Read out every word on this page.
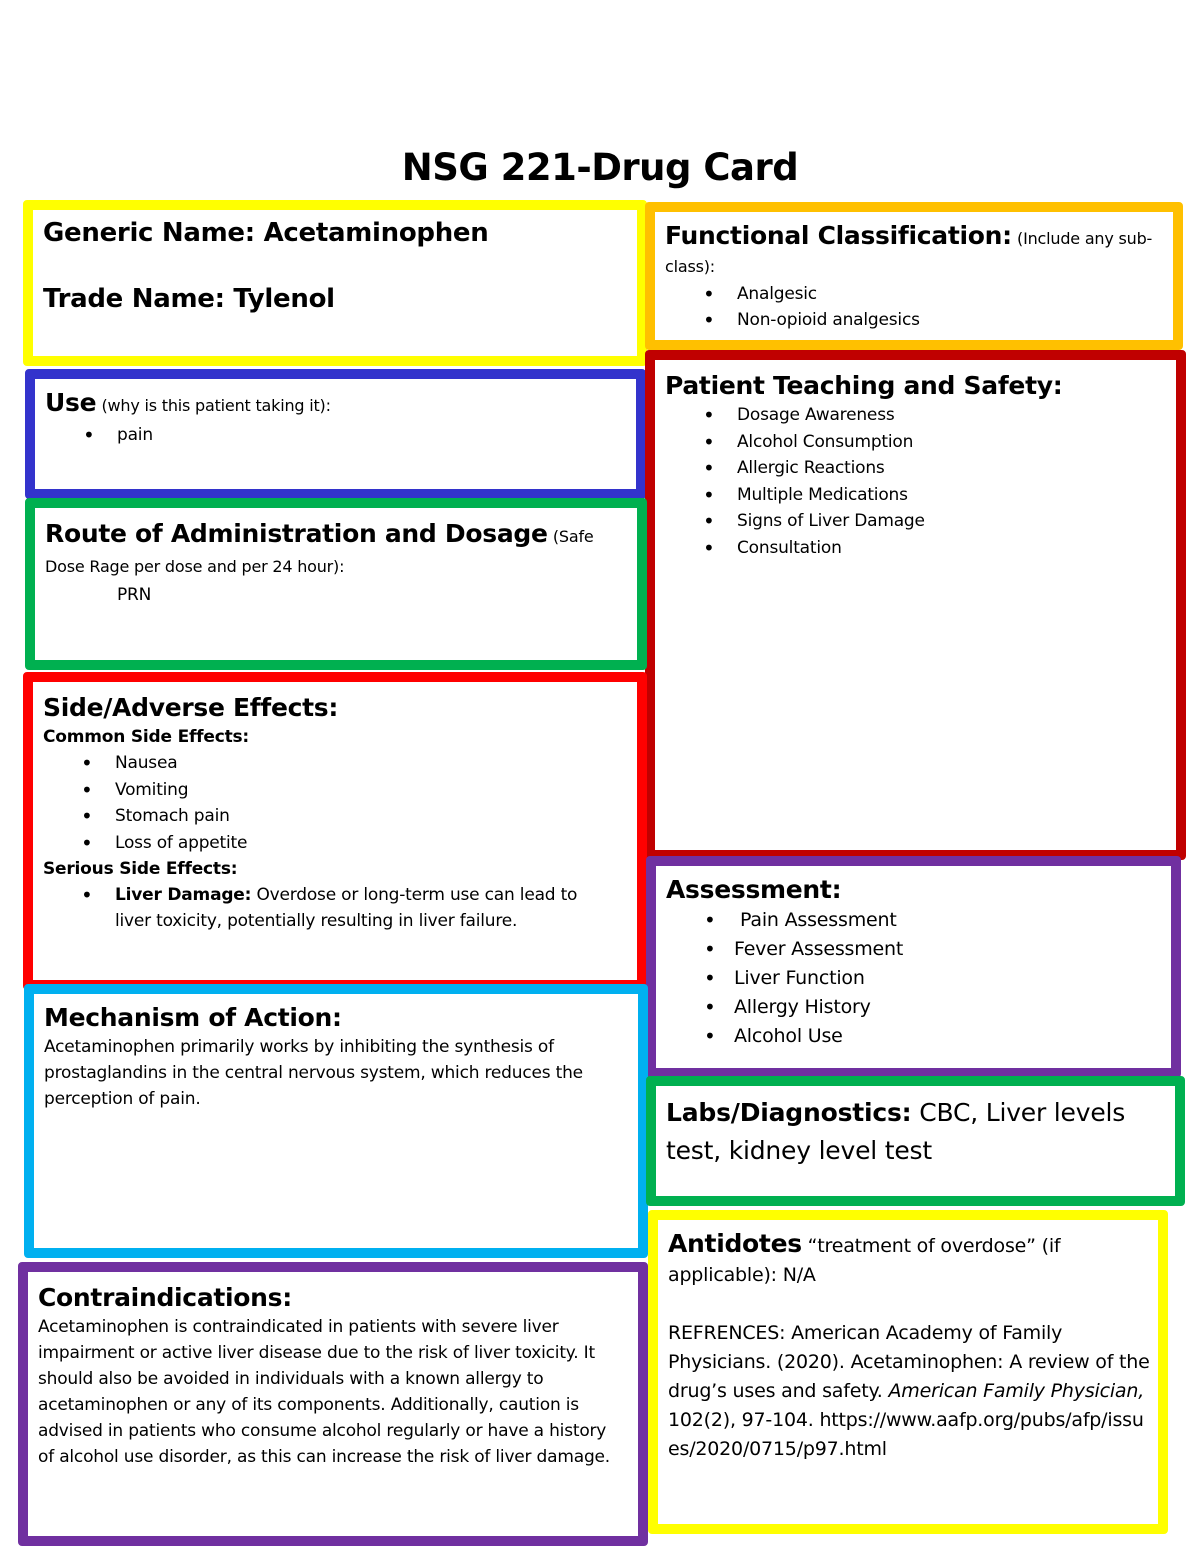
NSG 221-Drug Card
Generic Name: Acetaminophen
Trade Name: Tylenol
Functional Classification: (Include any sub-class):
• Analgesic
• Non-opioid analgesics
Use (why is this patient taking it):
• pain
Patient Teaching and Safety:
• Dosage Awareness
• Alcohol Consumption
• Allergic Reactions
• Multiple Medications
• Signs of Liver Damage
• Consultation
Route of Administration and Dosage (Safe Dose Rage per dose and per 24 hour):
PRN
Side/Adverse Effects:
Common Side Effects:
• Nausea
• Vomiting
• Stomach pain
• Loss of appetite
Serious Side Effects:
• Liver Damage: Overdose or long-term use can lead to liver toxicity, potentially resulting in liver failure.
Assessment:
• Pain Assessment
• Fever Assessment
• Liver Function
• Allergy History
• Alcohol Use
Mechanism of Action:
Acetaminophen primarily works by inhibiting the synthesis of prostaglandins in the central nervous system, which reduces the perception of pain.	Labs/Diagnostics: CBC, Liver levels test, kidney level test
Antidotes “treatment of overdose” (if applicable): N/A
REFRENCES: American Academy of Family Physicians. (2020). Acetaminophen: A review of the drug’s uses and safety. American Family Physician, 102(2), 97-104. https://www.aafp.org/pubs/afp/issues/2020/0715/p97.html
Contraindications:
Acetaminophen is contraindicated in patients with severe liver impairment or active liver disease due to the risk of liver toxicity. It should also be avoided in individuals with a known allergy to acetaminophen or any of its components. Additionally, caution is advised in patients who consume alcohol regularly or have a history of alcohol use disorder, as this can increase the risk of liver damage.
